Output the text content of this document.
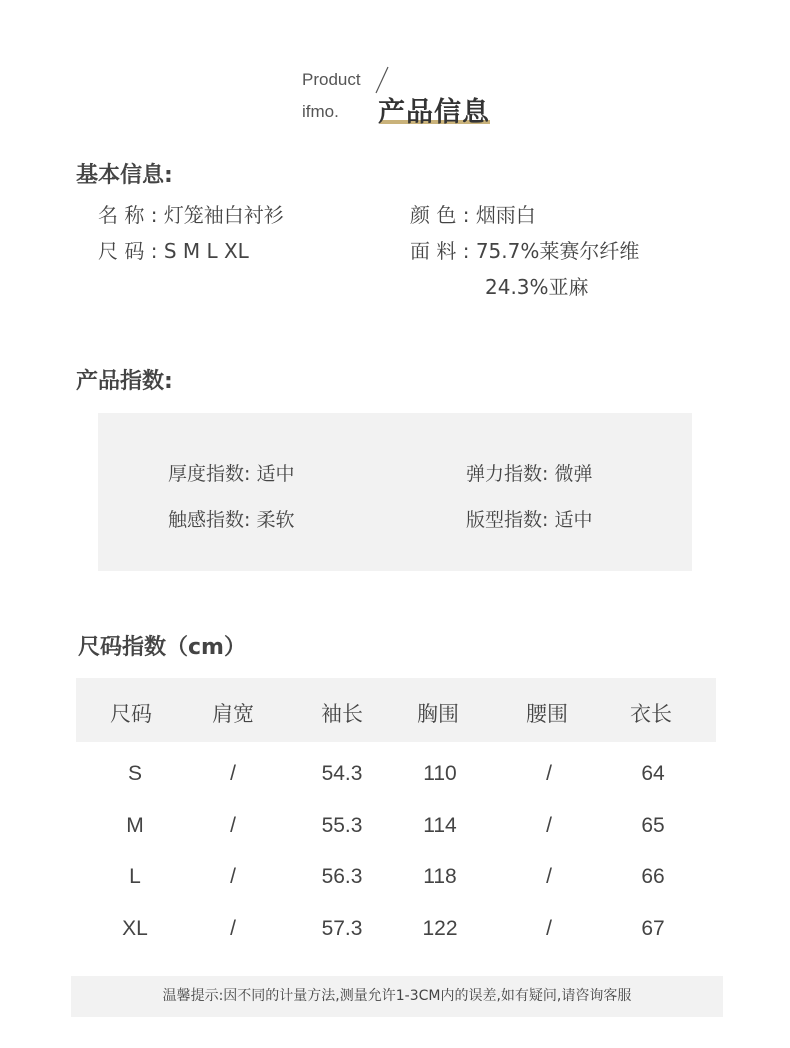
Product
ifmo. 产品信息
基本信息:
名 称 : 灯笼袖白衬衫	颜 色 : 烟雨白
尺 码 : S M L XL	面 料 : 75.7%莱赛尔纤维
24.3%亚麻
产品指数:
厚度指数: 适中	弹力指数: 微弹
触感指数: 柔软	版型指数: 适中
尺码指数（cm）
尺码	肩宽	袖长	胸围	腰围	衣长
S	/	54.3	110	/	64
M	/	55.3	114	/	65
L	/	56.3	118	/	66
XL	/	57.3	122	/	67
温馨提示:因不同的计量方法,测量允许1-3CM内的误差,如有疑问,请咨询客服
